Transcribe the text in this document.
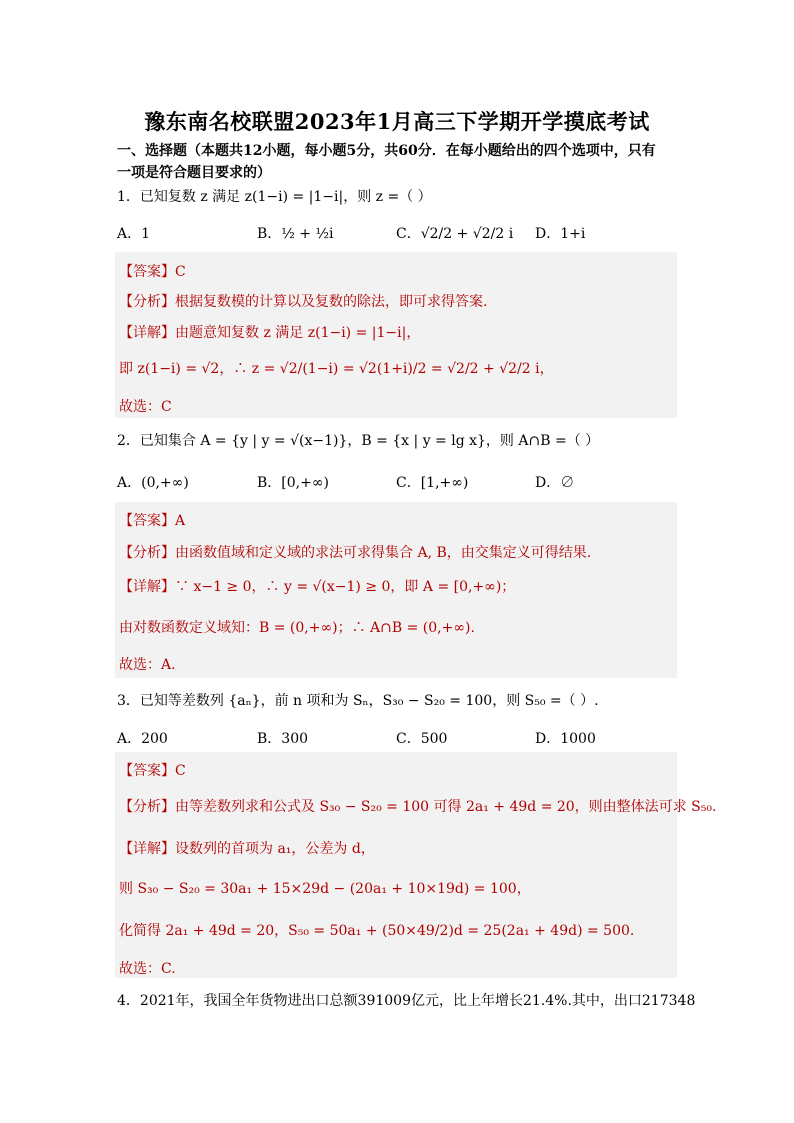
豫东南名校联盟2023年1月高三下学期开学摸底考试
一、选择题（本题共12小题，每小题5分，共60分．在每小题给出的四个选项中，只有
一项是符合题目要求的）
1．已知复数 z 满足 z(1−i) = |1−i|，则 z =（ ）
A．1	B．½ + ½i	C．√2/2 + √2/2 i D．1+i
【答案】C
【分析】根据复数模的计算以及复数的除法，即可求得答案.
【详解】由题意知复数 z 满足 z(1−i) = |1−i|，
即 z(1−i) = √2，∴ z = √2/(1−i) = √2(1+i)/2 = √2/2 + √2/2 i，
故选：C
2．已知集合 A = {y | y = √(x−1)}，B = {x | y = lg x}，则 A∩B =（ ）
A．(0,+∞)	B．[0,+∞)	C．[1,+∞)	D．∅
【答案】A
【分析】由函数值域和定义域的求法可求得集合 A, B，由交集定义可得结果.
【详解】∵ x−1 ≥ 0，∴ y = √(x−1) ≥ 0，即 A = [0,+∞)；
由对数函数定义域知：B = (0,+∞)；∴ A∩B = (0,+∞).
故选：A.
3．已知等差数列 {aₙ}，前 n 项和为 Sₙ，S₃₀ − S₂₀ = 100，则 S₅₀ =（ ）.
A．200	B．300	C．500	D．1000
【答案】C
【分析】由等差数列求和公式及 S₃₀ − S₂₀ = 100 可得 2a₁ + 49d = 20，则由整体法可求 S₅₀.
【详解】设数列的首项为 a₁，公差为 d，
则 S₃₀ − S₂₀ = 30a₁ + 15×29d − (20a₁ + 10×19d) = 100，
化简得 2a₁ + 49d = 20，S₅₀ = 50a₁ + (50×49/2)d = 25(2a₁ + 49d) = 500.
故选：C.
4．2021年，我国全年货物进出口总额391009亿元，比上年增长21.4%.其中，出口217348
